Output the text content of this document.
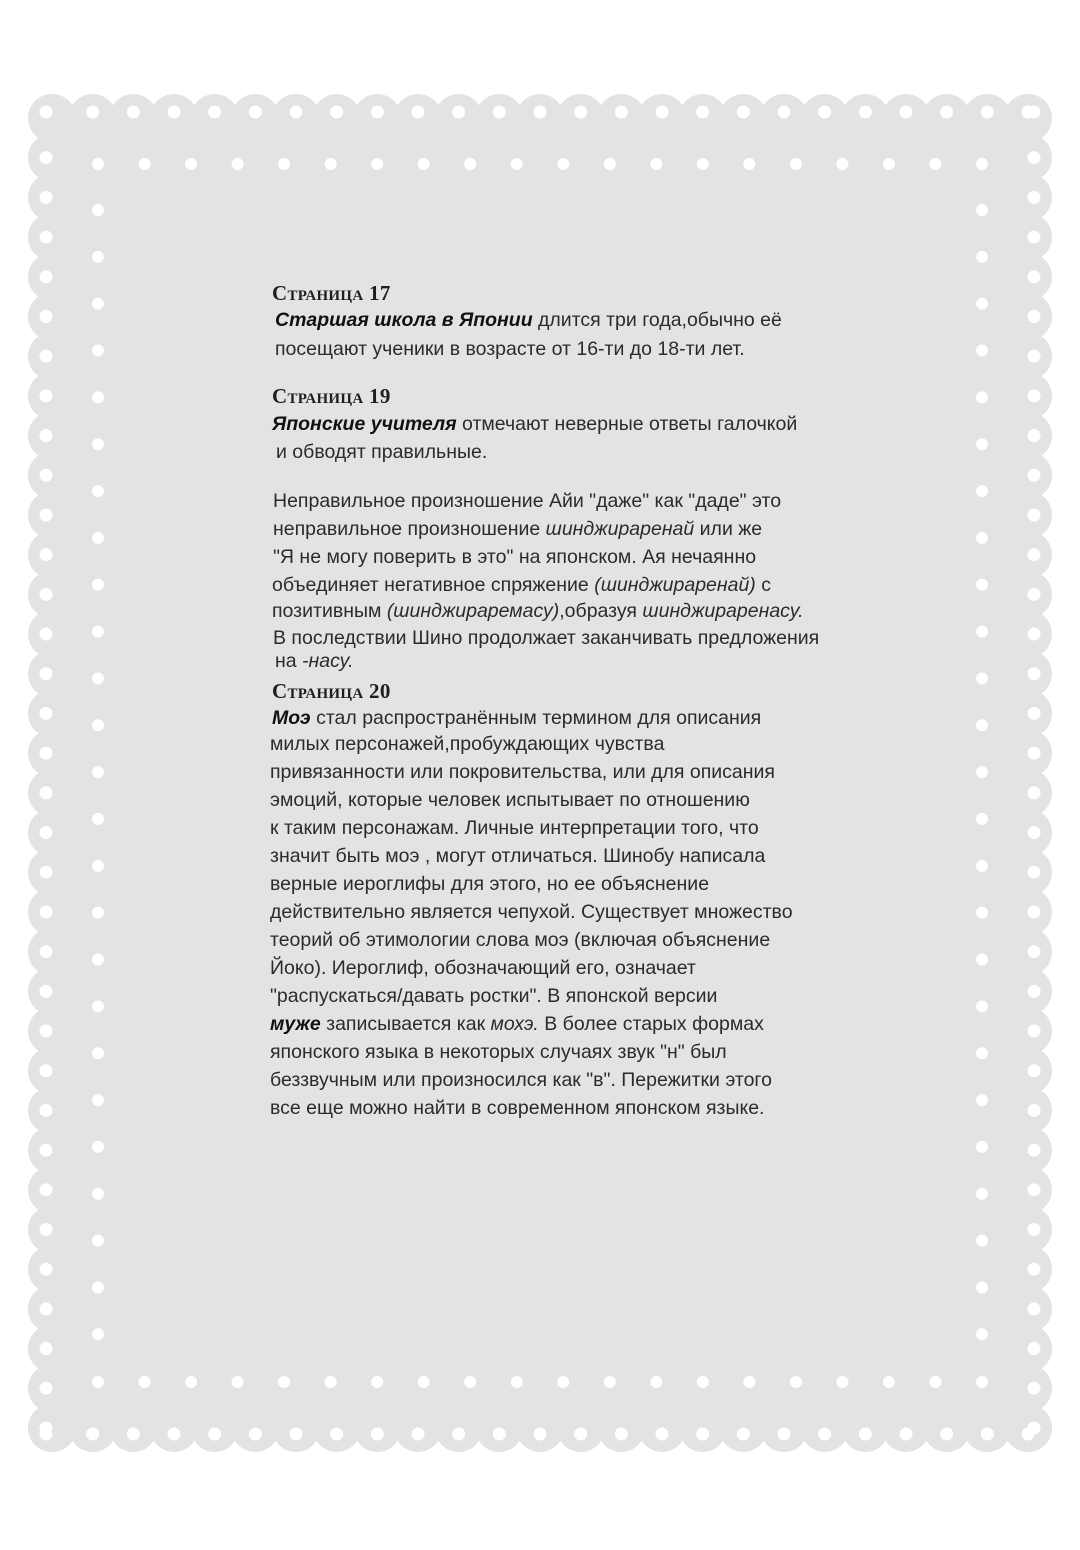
Страница 17
Старшая школа в Японии длится три года,обычно её
посещают ученики в возрасте от 16-ти до 18-ти лет.
Страница 19
Японские учителя отмечают неверные ответы галочкой
и обводят правильные.
Неправильное произношение Айи "даже" как "даде" это
неправильное произношение шинджираренай или же
"Я не могу поверить в это" на японском. Ая нечаянно
объединяет негативное спряжение (шинджираренай) с
позитивным (шинджираремасу),образуя шинджираренасу.
В последствии Шино продолжает заканчивать предложения
на -насу.
Страница 20
Моэ стал распространённым термином для описания
милых персонажей,пробуждающих чувства
привязанности или покровительства, или для описания
эмоций, которые человек испытывает по отношению
к таким персонажам. Личные интерпретации того, что
значит быть моэ , могут отличаться. Шинобу написала
верные иероглифы для этого, но ее объяснение
действительно является чепухой. Существует множество
теорий об этимологии слова моэ (включая объяснение
Йоко). Иероглиф, обозначающий его, означает
"распускаться/давать ростки". В японской версии
муже записывается как мохэ. В более старых формах
японского языка в некоторых случаях звук "н" был
беззвучным или произносился как "в". Пережитки этого
все еще можно найти в современном японском языке.
